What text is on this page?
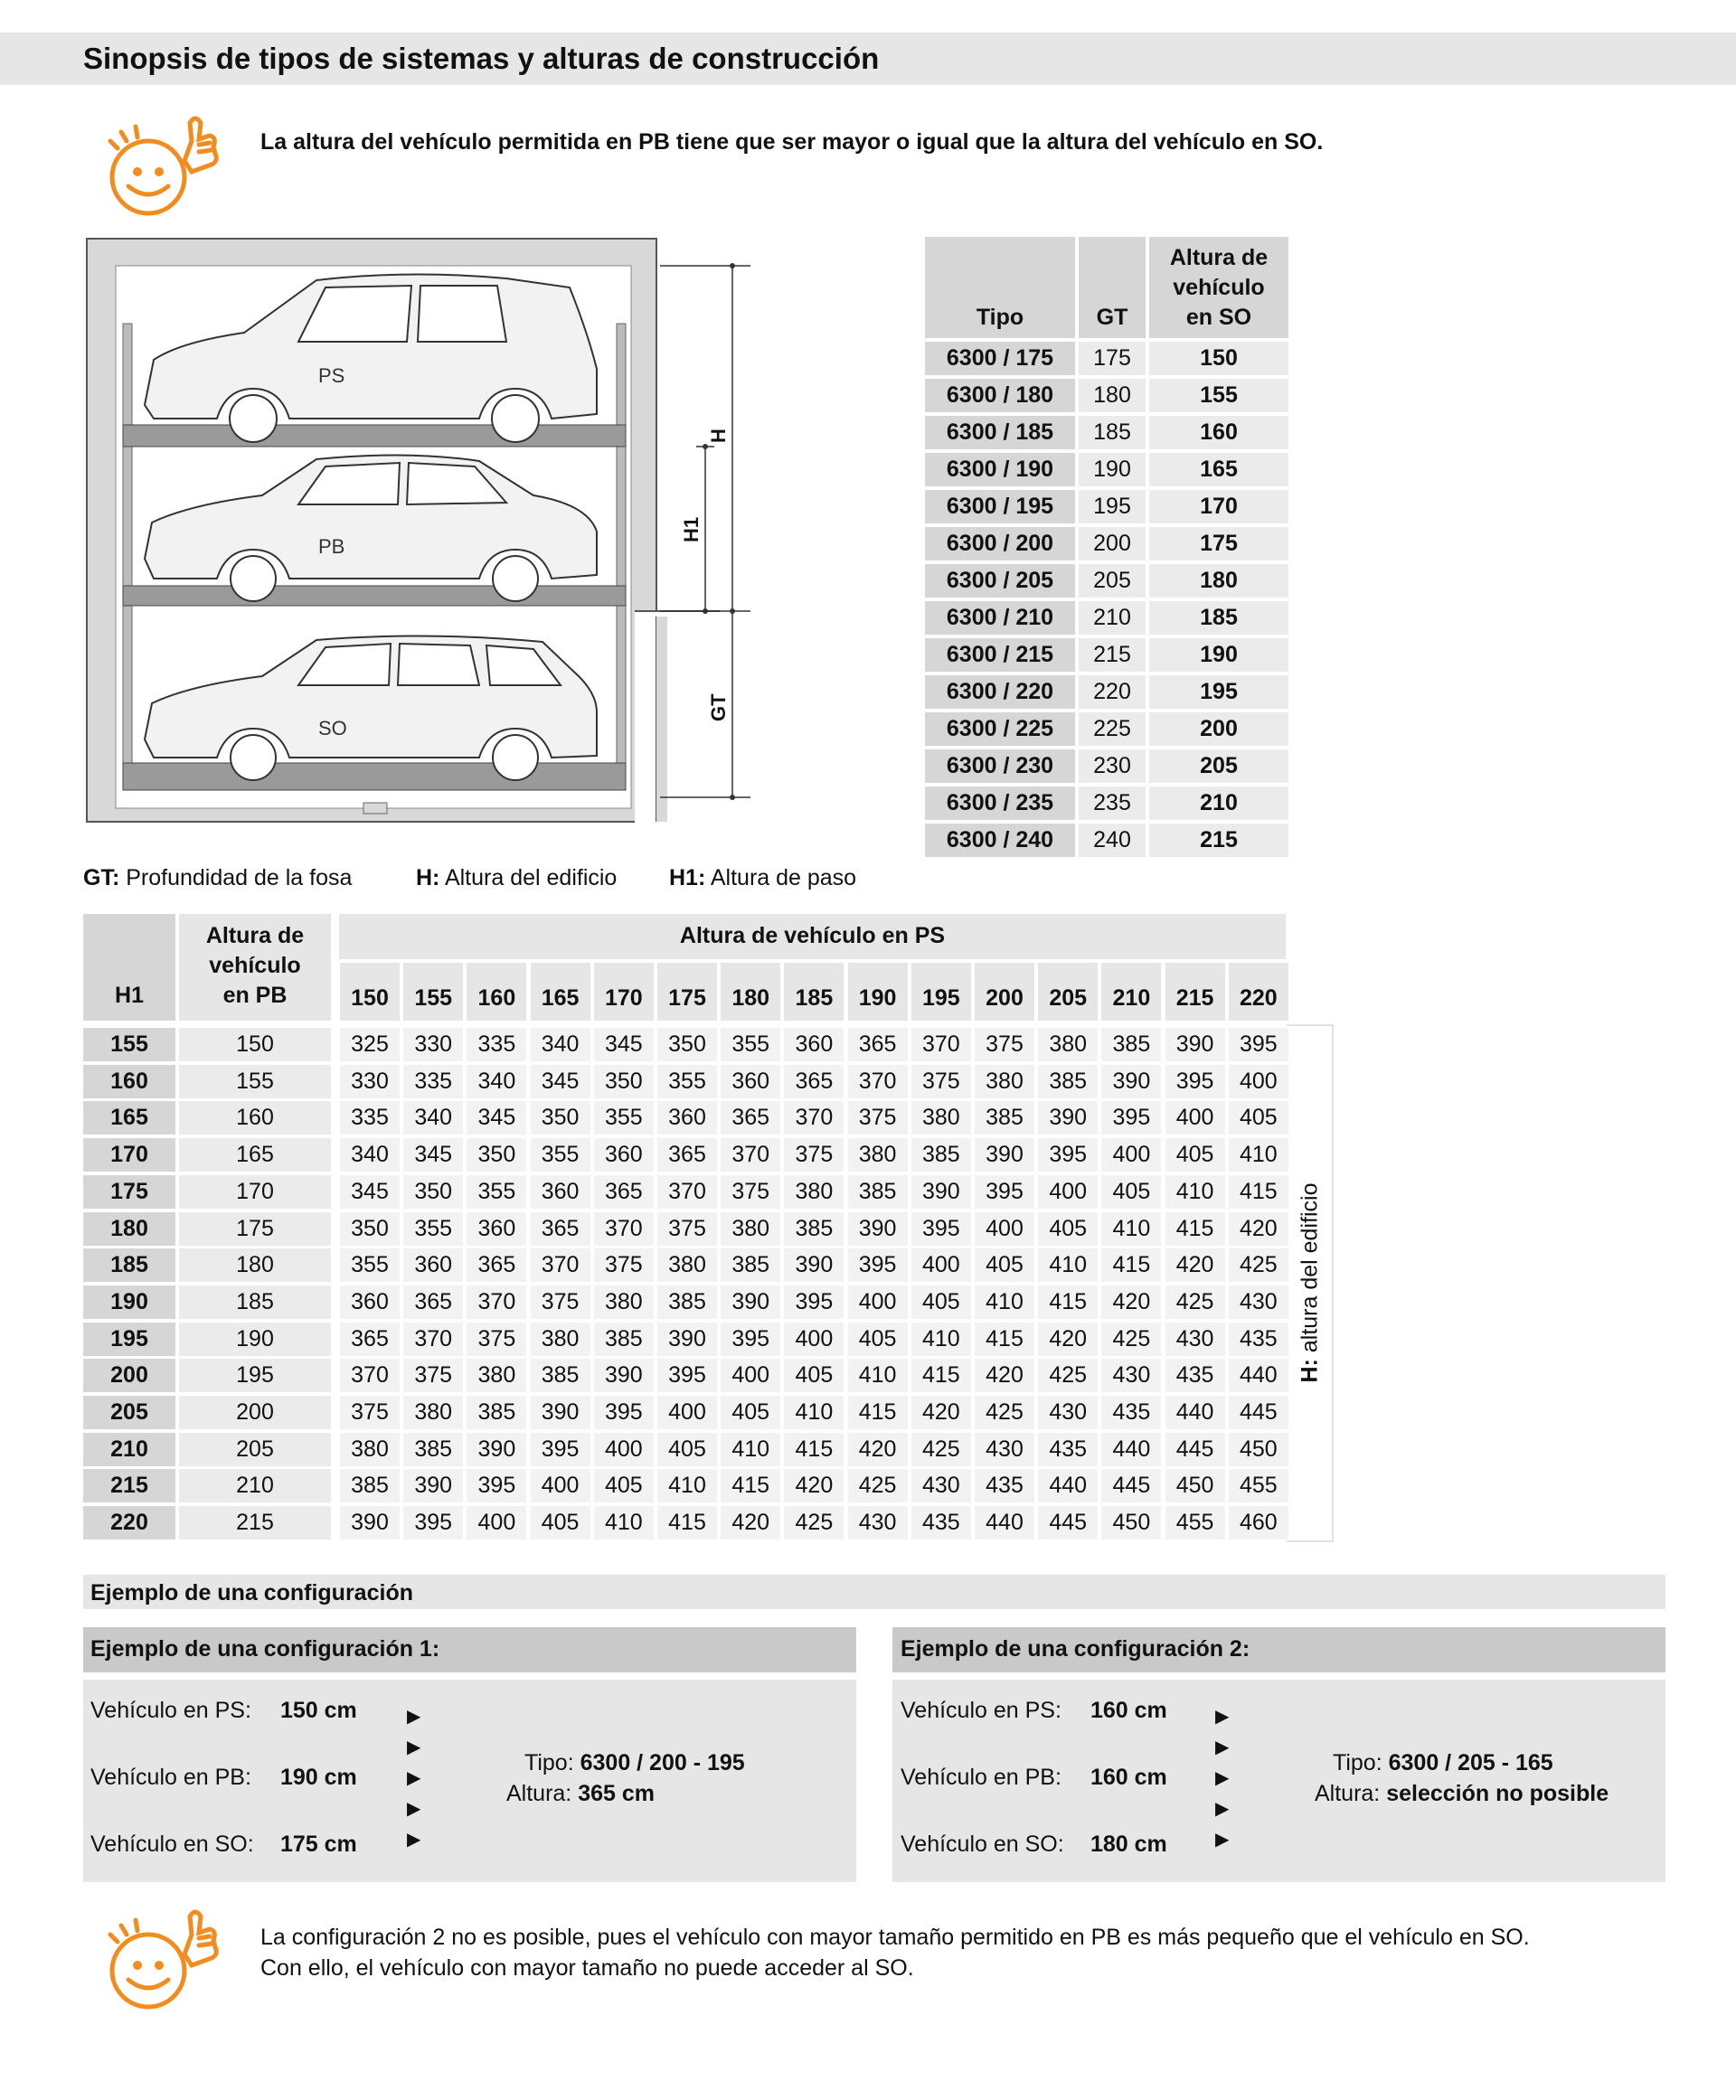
Sinopsis de tipos de sistemas y alturas de construcción
La altura del vehículo permitida en PB tiene que ser mayor o igual que la altura del vehículo en SO.
PS
PB
SO
H
H1
GT
Tipo	GT	Altura de
vehículo
en SO

6300 / 175	175	150
6300 / 180	180	155
6300 / 185	185	160
6300 / 190	190	165
6300 / 195	195	170
6300 / 200	200	175
6300 / 205	205	180
6300 / 210	210	185
6300 / 215	215	190
6300 / 220	220	195
6300 / 225	225	200
6300 / 230	230	205
6300 / 235	235	210
6300 / 240	240	215
GT: Profundidad de la fosa	H: Altura del edificio H1: Altura de paso
H1
Altura de
vehículo
en PB
Altura de vehículo en PS
150	155	160	165	170	175	180	185	190	195	200	205	210	215	220
155	150	325	330	335	340	345	350	355	360	365	370	375	380	385	390	395
160	155	330	335	340	345	350	355	360	365	370	375	380	385	390	395	400
165	160	335	340	345	350	355	360	365	370	375	380	385	390	395	400	405
170	165	340	345	350	355	360	365	370	375	380	385	390	395	400	405	410
175	170	345	350	355	360	365	370	375	380	385	390	395	400	405	410	415
180	175	350	355	360	365	370	375	380	385	390	395	400	405	410	415	420
185	180	355	360	365	370	375	380	385	390	395	400	405	410	415	420	425
190	185	360	365	370	375	380	385	390	395	400	405	410	415	420	425	430
195	190	365	370	375	380	385	390	395	400	405	410	415	420	425	430	435
200	195	370	375	380	385	390	395	400	405	410	415	420	425	430	435	440
205	200	375	380	385	390	395	400	405	410	415	420	425	430	435	440	445
210	205	380	385	390	395	400	405	410	415	420	425	430	435	440	445	450
215	210	385	390	395	400	405	410	415	420	425	430	435	440	445	450	455
220	215	390	395	400	405	410	415	420	425	430	435	440	445	450	455	460
H: altura del edificio
Ejemplo de una configuración
Ejemplo de una configuración 1:	Ejemplo de una configuración 2:
Vehículo en PS: 150 cm
Vehículo en PB: 190 cm
Vehículo en SO: 175 cm
Tipo: 6300 / 200 - 195
Altura: 365 cm
Vehículo en PS: 160 cm
Vehículo en PB: 160 cm
Vehículo en SO: 180 cm
Tipo: 6300 / 205 - 165
Altura: selección no posible
▶
▶
▶
▶
▶
▶
▶
▶
▶
▶
La configuración 2 no es posible, pues el vehículo con mayor tamaño permitido en PB es más pequeño que el vehículo en SO.
Con ello, el vehículo con mayor tamaño no puede acceder al SO.
